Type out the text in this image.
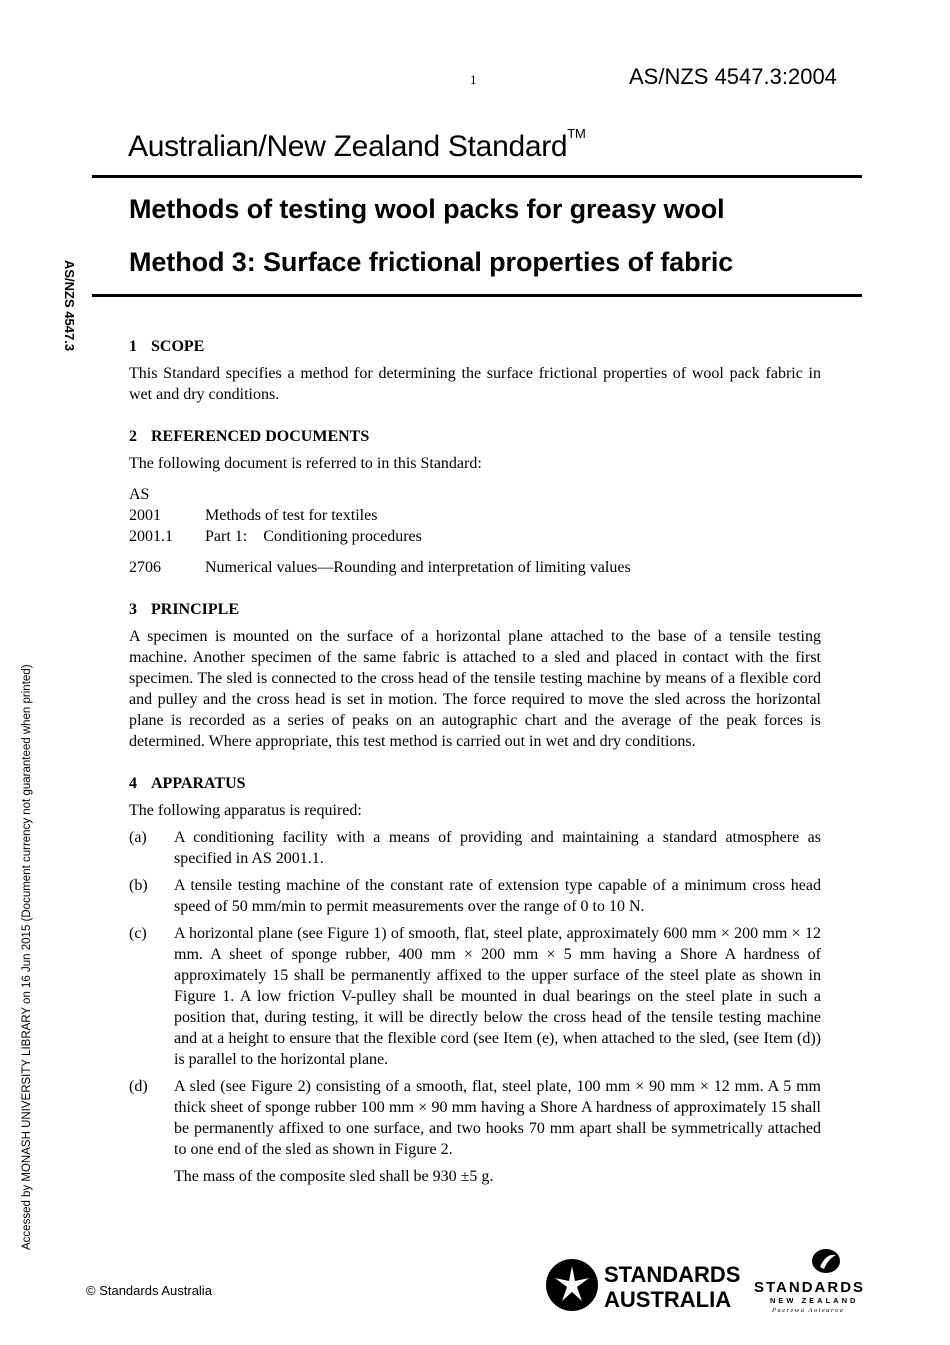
1	AS/NZS 4547.3:2004
Australian/New Zealand Standard™
Methods of testing wool packs for greasy wool
Method 3: Surface frictional properties of fabric
AS/NZS 4547.3
Accessed by MONASH UNIVERSITY LIBRARY on 16 Jun 2015 (Document currency not guaranteed when printed)
1 SCOPE

This Standard specifies a method for determining the surface frictional properties of wool pack fabric in wet and dry conditions.

2 REFERENCED DOCUMENTS

The following document is referred to in this Standard:

AS

2001	Methods of test for textiles
2001.1	Part 1:    Conditioning procedures
2706	Numerical values—Rounding and interpretation of limiting values
3 PRINCIPLE

A specimen is mounted on the surface of a horizontal plane attached to the base of a tensile testing machine. Another specimen of the same fabric is attached to a sled and placed in contact with the first specimen. The sled is connected to the cross head of the tensile testing machine by means of a flexible cord and pulley and the cross head is set in motion. The force required to move the sled across the horizontal plane is recorded as a series of peaks on an autographic chart and the average of the peak forces is determined. Where appropriate, this test method is carried out in wet and dry conditions.

4 APPARATUS

The following apparatus is required:

(a)	A conditioning facility with a means of providing and maintaining a standard atmosphere as specified in AS 2001.1.
(b)	A tensile testing machine of the constant rate of extension type capable of a minimum cross head speed of 50 mm/min to permit measurements over the range of 0 to 10 N.
(c)	A horizontal plane (see Figure 1) of smooth, flat, steel plate, approximately 600 mm × 200 mm × 12 mm. A sheet of sponge rubber, 400 mm × 200 mm × 5 mm having a Shore A hardness of approximately 15 shall be permanently affixed to the upper surface of the steel plate as shown in Figure 1. A low friction V-pulley shall be mounted in dual bearings on the steel plate in such a position that, during testing, it will be directly below the cross head of the tensile testing machine and at a height to ensure that the flexible cord (see Item (e), when attached to the sled, (see Item (d)) is parallel to the horizontal plane.
(d)	A sled (see Figure 2) consisting of a smooth, flat, steel plate, 100 mm × 90 mm × 12 mm. A 5 mm thick sheet of sponge rubber 100 mm × 90 mm having a Shore A hardness of approximately 15 shall be permanently affixed to one surface, and two hooks 70 mm apart shall be symmetrically attached to one end of the sled as shown in Figure 2.

The mass of the composite sled shall be 930 ±5 g.

© Standards Australia
STANDARDS
AUSTRALIA STANDARDS
NEW ZEALAND
Paerewa Aotearoa
